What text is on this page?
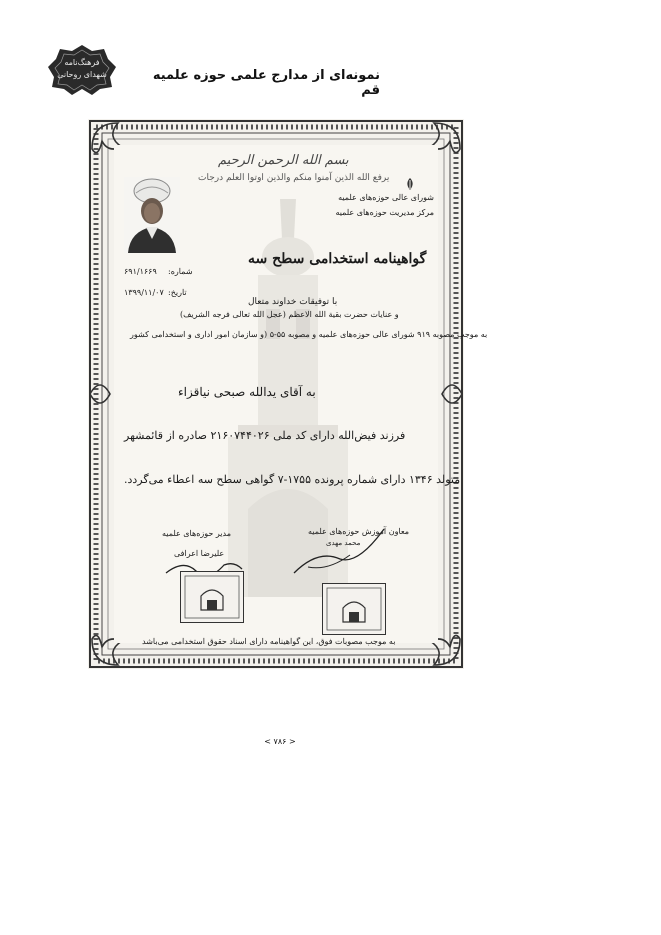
فرهنگ‌نامه
شهدای روحانی	نمونه‌ای از مدارج علمی حوزه علمیه قم
بسم الله الرحمن الرحیم
یرفع الله الذین آمنوا منکم والذین اوتوا العلم درجات
شورای عالی حوزه‌های علمیه
مرکز مدیریت حوزه‌های علمیه
گواهینامه استخدامی سطح سه
شماره:
۶۹۱/۱۶۶۹
تاریخ:
۱۳۹۹/۱۱/۰۷
با توفیقات خداوند متعال
و عنایات حضرت بقیة الله الاعظم (عجل الله تعالی فرجه الشریف)
به موجب مصوبه ۹۱۹ شورای عالی حوزه‌های علمیه و مصوبه ۵۵-۵ (و سازمان امور اداری و استخدامی کشور
به آقای یدالله صبحی نیاقزاء
فرزند فیض‌الله دارای کد ملی ۲۱۶۰۷۴۴۰۲۶ صادره از قائمشهر
متولد ۱۳۴۶ دارای شماره پرونده ۱۷۵۵-۷ گواهی سطح سه اعطاء می‌گردد.
مدیر حوزه‌های علمیه
علیرضا اعرافی
معاون آموزش حوزه‌های علمیه
محمد مهدی
به موجب مصوبات فوق، این گواهینامه دارای اسناد حقوق استخدامی می‌باشد
< ۷۸۶ >
